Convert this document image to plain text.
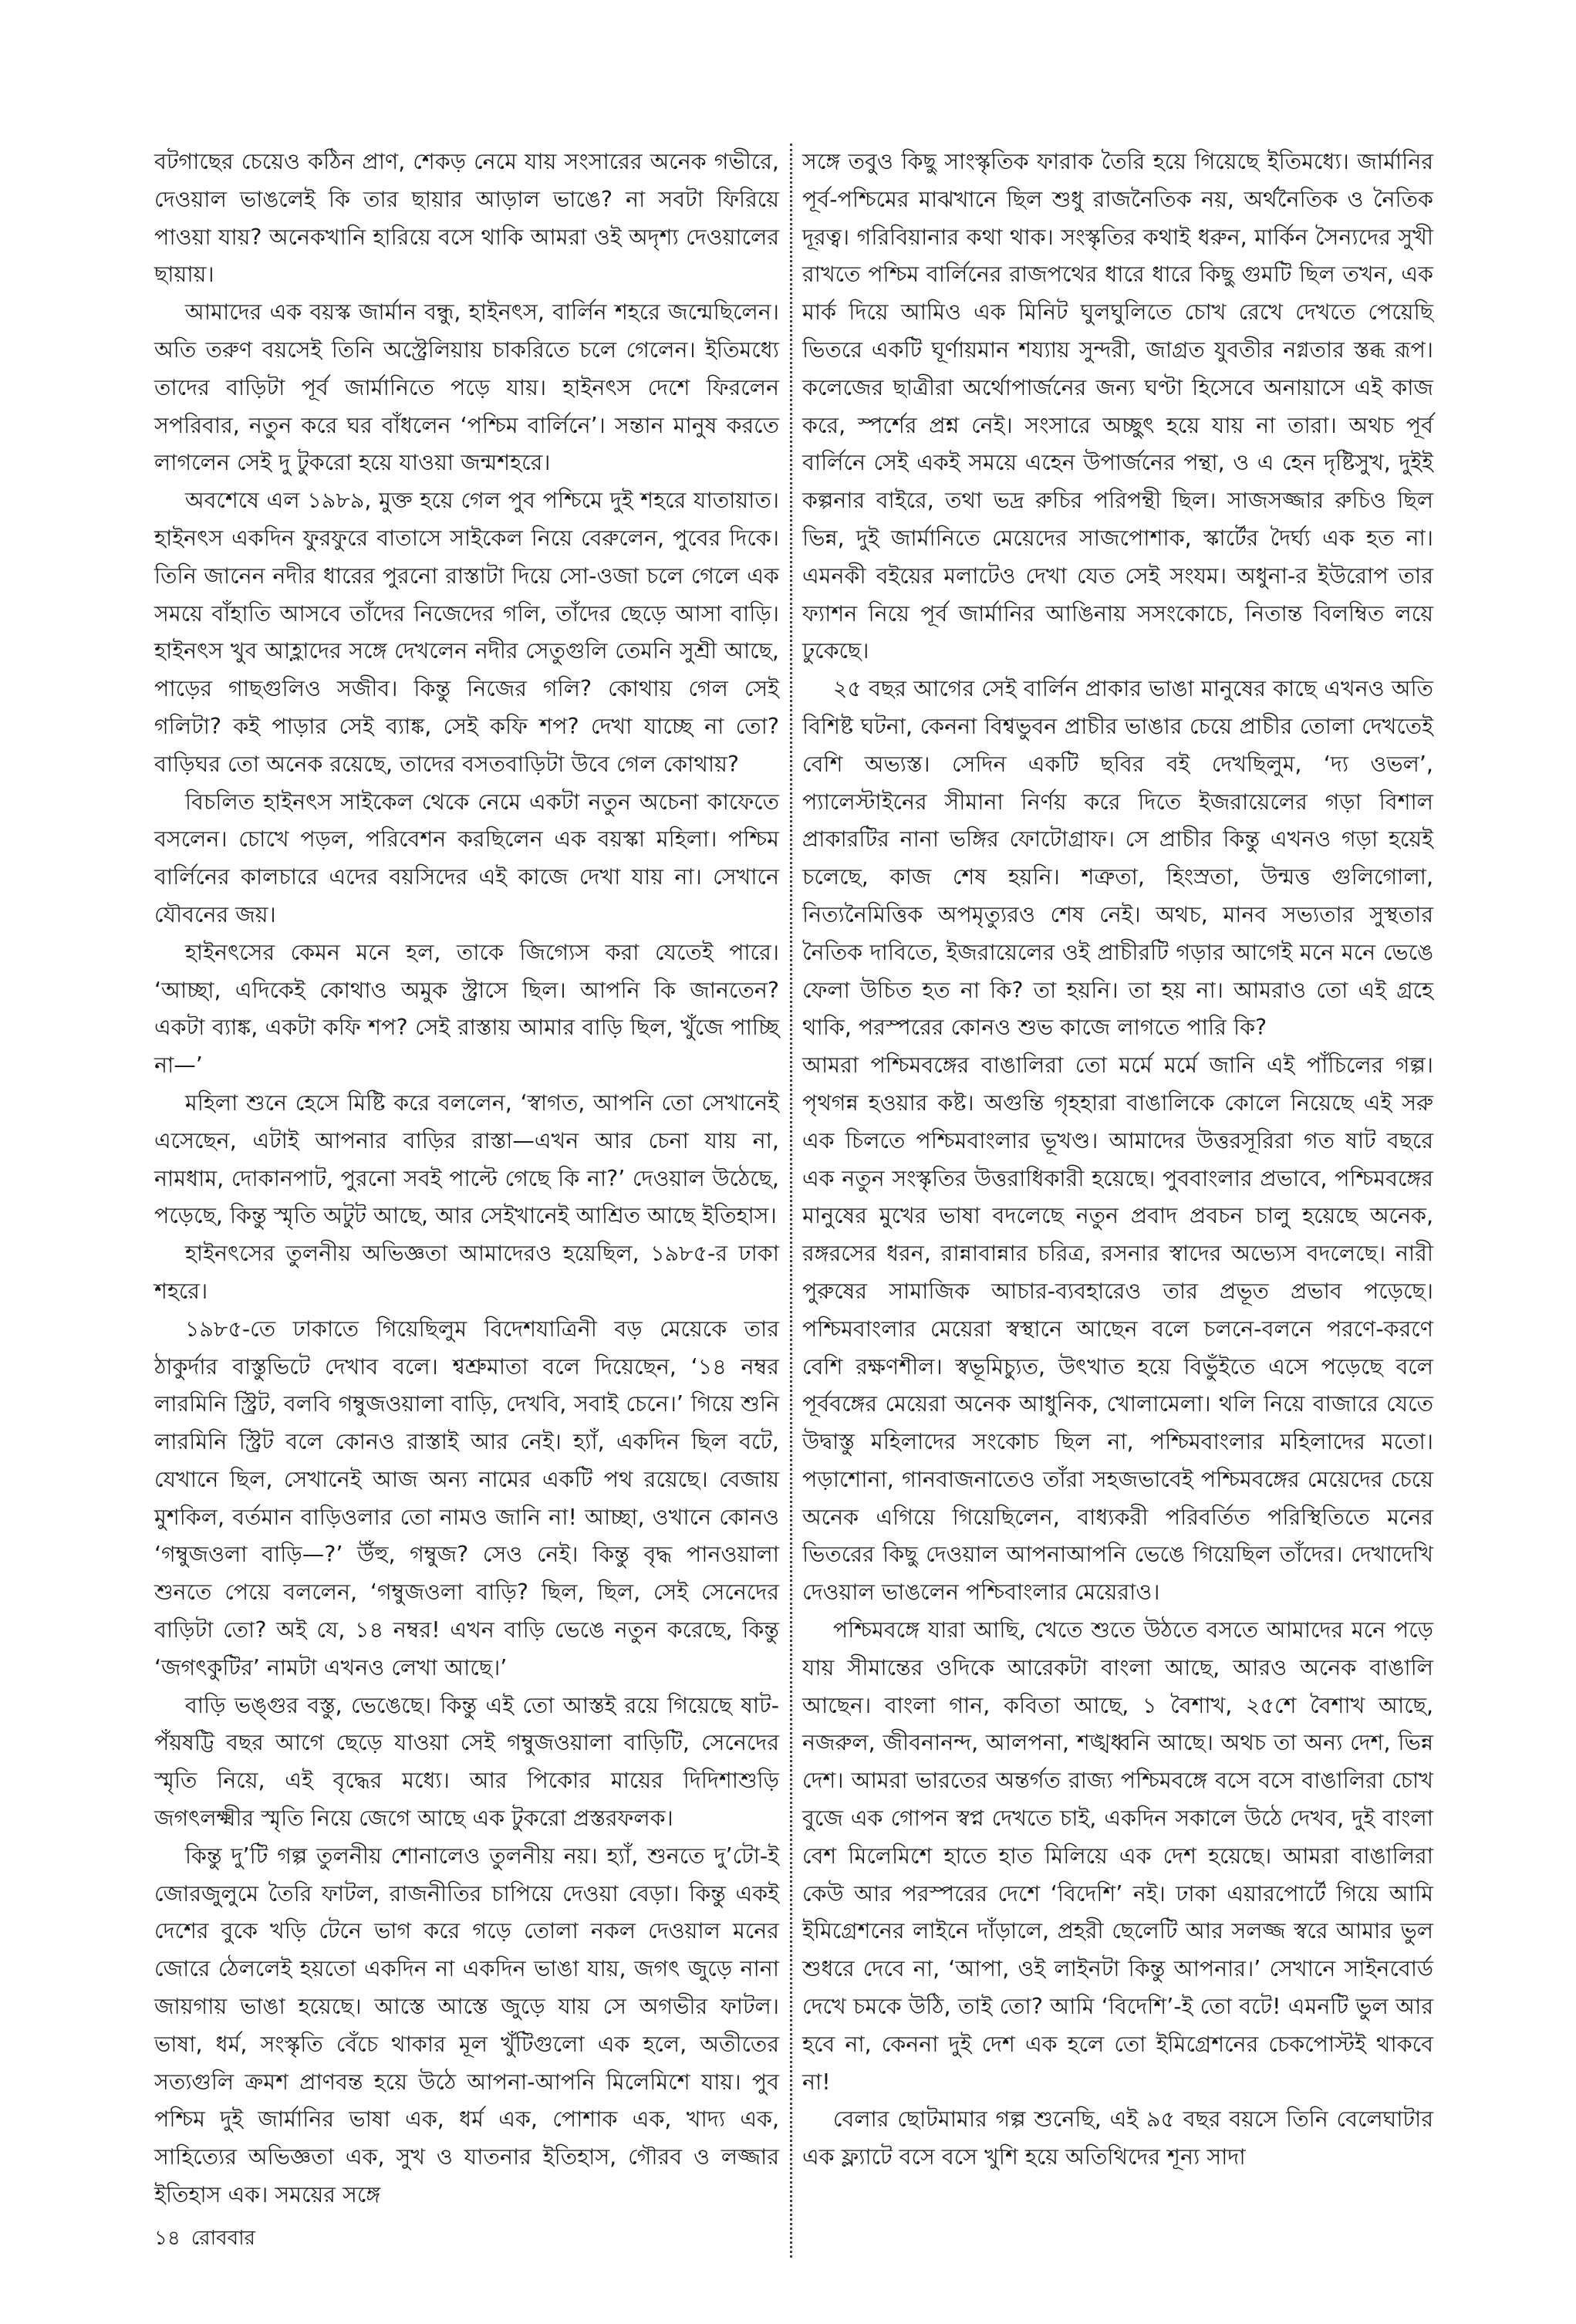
বটগাছের চেয়েও কঠিন প্রাণ, শেকড় নেমে যায় সংসারের অনেক গভীরে, দেওয়াল ভাঙলেই কি তার ছায়ার আড়াল ভাঙে? না সবটা ফিরিয়ে পাওয়া যায়? অনেকখানি হারিয়ে বসে থাকি আমরা ওই অদৃশ্য দেওয়ালের ছায়ায়।

আমাদের এক বয়স্ক জার্মান বন্ধু, হাইনৎস, বার্লিন শহরে জন্মেছিলেন। অতি তরুণ বয়সেই তিনি অস্ট্রেলিয়ায় চাকরিতে চলে গেলেন। ইতিমধ্যে তাদের বাড়িটা পূর্ব জার্মানিতে পড়ে যায়। হাইনৎস দেশে ফিরলেন সপরিবার, নতুন করে ঘর বাঁধলেন ‘পশ্চিম বার্লিনে’। সন্তান মানুষ করতে লাগলেন সেই দু টুকরো হয়ে যাওয়া জন্মশহরে।

অবশেষে এল ১৯৮৯, মুক্ত হয়ে গেল পুব পশ্চিমে দুই শহরে যাতায়াত। হাইনৎস একদিন ফুরফুরে বাতাসে সাইকেল নিয়ে বেরুলেন, পুবের দিকে। তিনি জানেন নদীর ধারের পুরনো রাস্তাটা দিয়ে সো-ওজা চলে গেলে এক সময়ে বাঁহাতি আসবে তাঁদের নিজেদের গলি, তাঁদের ছেড়ে আসা বাড়ি। হাইনৎস খুব আহ্লাদের সঙ্গে দেখলেন নদীর সেতুগুলি তেমনি সুশ্রী আছে, পাড়ের গাছগুলিও সজীব। কিন্তু নিজের গলি? কোথায় গেল সেই গলিটা? কই পাড়ার সেই ব্যাঙ্ক, সেই কফি শপ? দেখা যাচ্ছে না তো? বাড়িঘর তো অনেক রয়েছে, তাদের বসতবাড়িটা উবে গেল কোথায়?

বিচলিত হাইনৎস সাইকেল থেকে নেমে একটা নতুন অচেনা কাফেতে বসলেন। চোখে পড়ল, পরিবেশন করছিলেন এক বয়স্কা মহিলা। পশ্চিম বার্লিনের কালচারে এদের বয়সিদের এই কাজে দেখা যায় না। সেখানে যৌবনের জয়।

হাইনৎসের কেমন মনে হল, তাকে জিগ্যেস করা যেতেই পারে। ‘আচ্ছা, এদিকেই কোথাও অমুক স্ট্রাসে ছিল। আপনি কি জানতেন? একটা ব্যাঙ্ক, একটা কফি শপ? সেই রাস্তায় আমার বাড়ি ছিল, খুঁজে পাচ্ছি না—’

মহিলা শুনে হেসে মিষ্টি করে বললেন, ‘স্বাগত, আপনি তো সেখানেই এসেছেন, এটাই আপনার বাড়ির রাস্তা—এখন আর চেনা যায় না, নামধাম, দোকানপাট, পুরনো সবই পাল্টে গেছে কি না?’ দেওয়াল উঠেছে, পড়েছে, কিন্তু স্মৃতি অটুট আছে, আর সেইখানেই আশ্রিত আছে ইতিহাস।

হাইনৎসের তুলনীয় অভিজ্ঞতা আমাদেরও হয়েছিল, ১৯৮৫-র ঢাকা শহরে।

১৯৮৫-তে ঢাকাতে গিয়েছিলুম বিদেশযাত্রিনী বড় মেয়েকে তার ঠাকুর্দার বাস্তুভিটে দেখাব বলে। শ্বশ্রুমাতা বলে দিয়েছেন, ‘১৪ নম্বর লারমিনি স্ট্রিট, বলবি গম্বুজওয়ালা বাড়ি, দেখবি, সবাই চেনে।’ গিয়ে শুনি লারমিনি স্ট্রিট বলে কোনও রাস্তাই আর নেই। হ্যাঁ, একদিন ছিল বটে, যেখানে ছিল, সেখানেই আজ অন্য নামের একটি পথ রয়েছে। বেজায় মুশকিল, বর্তমান বাড়িওলার তো নামও জানি না! আচ্ছা, ওখানে কোনও ‘গম্বুজওলা বাড়ি—?’ উঁহু, গম্বুজ? সেও নেই। কিন্তু বৃদ্ধ পানওয়ালা শুনতে পেয়ে বললেন, ‘গম্বুজওলা বাড়ি? ছিল, ছিল, সেই সেনেদের বাড়িটা তো? অই যে, ১৪ নম্বর! এখন বাড়ি ভেঙে নতুন করেছে, কিন্তু ‘জগৎকুটির’ নামটা এখনও লেখা আছে।’

বাড়ি ভঙ্গুর বস্তু, ভেঙেছে। কিন্তু এই তো আস্তই রয়ে গিয়েছে ষাট-পঁয়ষট্টি বছর আগে ছেড়ে যাওয়া সেই গম্বুজওয়ালা বাড়িটি, সেনেদের স্মৃতি নিয়ে, এই বৃদ্ধের মধ্যে। আর পিকোর মায়ের দিদিশাশুড়ি জগৎলক্ষ্মীর স্মৃতি নিয়ে জেগে আছে এক টুকরো প্রস্তরফলক।

কিন্তু দু’টি গল্প তুলনীয় শোনালেও তুলনীয় নয়। হ্যাঁ, শুনতে দু’টো-ই জোরজুলুমে তৈরি ফাটল, রাজনীতির চাপিয়ে দেওয়া বেড়া। কিন্তু একই দেশের বুকে খড়ি টেনে ভাগ করে গড়ে তোলা নকল দেওয়াল মনের জোরে ঠেললেই হয়তো একদিন না একদিন ভাঙা যায়, জগৎ জুড়ে নানা জায়গায় ভাঙা হয়েছে। আস্তে আস্তে জুড়ে যায় সে অগভীর ফাটল। ভাষা, ধর্ম, সংস্কৃতি বেঁচে থাকার মূল খুঁটিগুলো এক হলে, অতীতের সত্যগুলি ক্রমশ প্রাণবন্ত হয়ে উঠে আপনা-আপনি মিলেমিশে যায়। পুব পশ্চিম দুই জার্মানির ভাষা এক, ধর্ম এক, পোশাক এক, খাদ্য এক, সাহিত্যের অভিজ্ঞতা এক, সুখ ও যাতনার ইতিহাস, গৌরব ও লজ্জার ইতিহাস এক। সময়ের সঙ্গে

সঙ্গে তবুও কিছু সাংস্কৃতিক ফারাক তৈরি হয়ে গিয়েছে ইতিমধ্যে। জার্মানির পূর্ব-পশ্চিমের মাঝখানে ছিল শুধু রাজনৈতিক নয়, অর্থনৈতিক ও নৈতিক দূরত্ব। গরিবিয়ানার কথা থাক। সংস্কৃতির কথাই ধরুন, মার্কিন সৈন্যদের সুখী রাখতে পশ্চিম বার্লিনের রাজপথের ধারে ধারে কিছু গুমটি ছিল তখন, এক মার্ক দিয়ে আমিও এক মিনিট ঘুলঘুলিতে চোখ রেখে দেখতে পেয়েছি ভিতরে একটি ঘূর্ণায়মান শয্যায় সুন্দরী, জাগ্রত যুবতীর নগ্নতার স্তব্ধ রূপ। কলেজের ছাত্রীরা অর্থোপার্জনের জন্য ঘণ্টা হিসেবে অনায়াসে এই কাজ করে, স্পর্শের প্রশ্ন নেই। সংসারে অচ্ছুৎ হয়ে যায় না তারা। অথচ পূর্ব বার্লিনে সেই একই সময়ে এহেন উপার্জনের পন্থা, ও এ হেন দৃষ্টিসুখ, দুইই কল্পনার বাইরে, তথা ভদ্র রুচির পরিপন্থী ছিল। সাজসজ্জার রুচিও ছিল ভিন্ন, দুই জার্মানিতে মেয়েদের সাজপোশাক, স্কার্টের দৈর্ঘ্য এক হত না। এমনকী বইয়ের মলাটেও দেখা যেত সেই সংযম। অধুনা-র ইউরোপ তার ফ্যাশন নিয়ে পূর্ব জার্মানির আঙিনায় সসংকোচে, নিতান্ত বিলম্বিত লয়ে ঢুকেছে।

২৫ বছর আগের সেই বার্লিন প্রাকার ভাঙা মানুষের কাছে এখনও অতি বিশিষ্ট ঘটনা, কেননা বিশ্বভুবন প্রাচীর ভাঙার চেয়ে প্রাচীর তোলা দেখতেই বেশি অভ্যস্ত। সেদিন একটি ছবির বই দেখছিলুম, ‘দ্য ওভল’, প্যালেস্টাইনের সীমানা নির্ণয় করে দিতে ইজরায়েলের গড়া বিশাল প্রাকারটির নানা ভঙ্গির ফোটোগ্রাফ। সে প্রাচীর কিন্তু এখনও গড়া হয়েই চলেছে, কাজ শেষ হয়নি। শত্রুতা, হিংস্রতা, উন্মত্ত গুলিগোলা, নিত্যনৈমিত্তিক অপমৃত্যুরও শেষ নেই। অথচ, মানব সভ্যতার সুস্থতার নৈতিক দাবিতে, ইজরায়েলের ওই প্রাচীরটি গড়ার আগেই মনে মনে ভেঙে ফেলা উচিত হত না কি? তা হয়নি। তা হয় না। আমরাও তো এই গ্রহে থাকি, পরস্পরের কোনও শুভ কাজে লাগতে পারি কি?

আমরা পশ্চিমবঙ্গের বাঙালিরা তো মর্মে মর্মে জানি এই পাঁচিলের গল্প। পৃথগন্ন হওয়ার কষ্ট। অগুন্তি গৃহহারা বাঙালিকে কোলে নিয়েছে এই সরু এক চিলতে পশ্চিমবাংলার ভূখণ্ড। আমাদের উত্তরসূরিরা গত ষাট বছরে এক নতুন সংস্কৃতির উত্তরাধিকারী হয়েছে। পুববাংলার প্রভাবে, পশ্চিমবঙ্গের মানুষের মুখের ভাষা বদলেছে নতুন প্রবাদ প্রবচন চালু হয়েছে অনেক, রঙ্গরসের ধরন, রান্নাবান্নার চরিত্র, রসনার স্বাদের অভ্যেস বদলেছে। নারী পুরুষের সামাজিক আচার-ব্যবহারেও তার প্রভূত প্রভাব পড়েছে। পশ্চিমবাংলার মেয়েরা স্বস্থানে আছেন বলে চলনে-বলনে পরণে-করণে বেশি রক্ষণশীল। স্বভূমিচ্যুত, উৎখাত হয়ে বিভুঁইতে এসে পড়েছে বলে পূর্ববঙ্গের মেয়েরা অনেক আধুনিক, খোলামেলা। থলি নিয়ে বাজারে যেতে উদ্বাস্তু মহিলাদের সংকোচ ছিল না, পশ্চিমবাংলার মহিলাদের মতো। পড়াশোনা, গানবাজনাতেও তাঁরা সহজভাবেই পশ্চিমবঙ্গের মেয়েদের চেয়ে অনেক এগিয়ে গিয়েছিলেন, বাধ্যকরী পরিবর্তিত পরিস্থিতিতে মনের ভিতরের কিছু দেওয়াল আপনাআপনি ভেঙে গিয়েছিল তাঁদের। দেখাদেখি দেওয়াল ভাঙলেন পশ্চিবাংলার মেয়েরাও।

পশ্চিমবঙ্গে যারা আছি, খেতে শুতে উঠতে বসতে আমাদের মনে পড়ে যায় সীমান্তের ওদিকে আরেকটা বাংলা আছে, আরও অনেক বাঙালি আছেন। বাংলা গান, কবিতা আছে, ১ বৈশাখ, ২৫শে বৈশাখ আছে, নজরুল, জীবনানন্দ, আলপনা, শঙ্খধ্বনি আছে। অথচ তা অন্য দেশ, ভিন্ন দেশ। আমরা ভারতের অন্তর্গত রাজ্য পশ্চিমবঙ্গে বসে বসে বাঙালিরা চোখ বুজে এক গোপন স্বপ্ন দেখতে চাই, একদিন সকালে উঠে দেখব, দুই বাংলা বেশ মিলেমিশে হাতে হাত মিলিয়ে এক দেশ হয়েছে। আমরা বাঙালিরা কেউ আর পরস্পরের দেশে ‘বিদেশি’ নই। ঢাকা এয়ারপোর্টে গিয়ে আমি ইমিগ্রেশনের লাইনে দাঁড়ালে, প্রহরী ছেলেটি আর সলজ্জ স্বরে আমার ভুল শুধরে দেবে না, ‘আপা, ওই লাইনটা কিন্তু আপনার।’ সেখানে সাইনবোর্ড দেখে চমকে উঠি, তাই তো? আমি ‘বিদেশি’-ই তো বটে! এমনটি ভুল আর হবে না, কেননা দুই দেশ এক হলে তো ইমিগ্রেশনের চেকপোস্টই থাকবে না!

বেলার ছোটমামার গল্প শুনেছি, এই ৯৫ বছর বয়সে তিনি বেলেঘাটার এক ফ্ল্যাটে বসে বসে খুশি হয়ে অতিথিদের শূন্য সাদা

১৪ রোববার
